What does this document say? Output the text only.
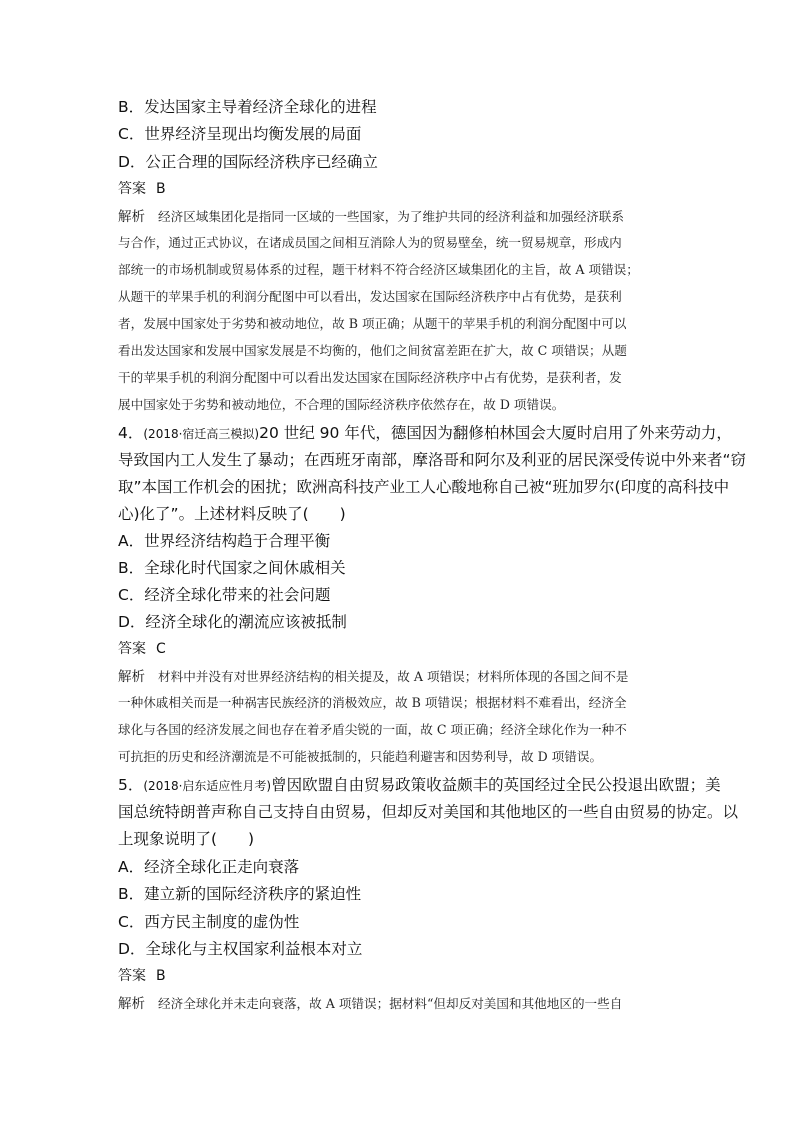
B．发达国家主导着经济全球化的进程
C．世界经济呈现出均衡发展的局面
D．公正合理的国际经济秩序已经确立
答案 B
解析 经济区域集团化是指同一区域的一些国家，为了维护共同的经济利益和加强经济联系
与合作，通过正式协议，在诸成员国之间相互消除人为的贸易壁垒，统一贸易规章，形成内
部统一的市场机制或贸易体系的过程，题干材料不符合经济区域集团化的主旨，故 A 项错误；
从题干的苹果手机的利润分配图中可以看出，发达国家在国际经济秩序中占有优势，是获利
者，发展中国家处于劣势和被动地位，故 B 项正确；从题干的苹果手机的利润分配图中可以
看出发达国家和发展中国家发展是不均衡的，他们之间贫富差距在扩大，故 C 项错误；从题
干的苹果手机的利润分配图中可以看出发达国家在国际经济秩序中占有优势，是获利者，发
展中国家处于劣势和被动地位，不合理的国际经济秩序依然存在，故 D 项错误。
4．(2018·宿迁高三模拟)20 世纪 90 年代，德国因为翻修柏林国会大厦时启用了外来劳动力，
导致国内工人发生了暴动；在西班牙南部，摩洛哥和阿尔及利亚的居民深受传说中外来者“窃
取”本国工作机会的困扰；欧洲高科技产业工人心酸地称自己被“班加罗尔(印度的高科技中
心)化了”。上述材料反映了(　　)
A．世界经济结构趋于合理平衡
B．全球化时代国家之间休戚相关
C．经济全球化带来的社会问题
D．经济全球化的潮流应该被抵制
答案 C
解析 材料中并没有对世界经济结构的相关提及，故 A 项错误；材料所体现的各国之间不是
一种休戚相关而是一种祸害民族经济的消极效应，故 B 项错误；根据材料不难看出，经济全
球化与各国的经济发展之间也存在着矛盾尖锐的一面，故 C 项正确；经济全球化作为一种不
可抗拒的历史和经济潮流是不可能被抵制的，只能趋利避害和因势利导，故 D 项错误。
5．(2018·启东适应性月考)曾因欧盟自由贸易政策收益颇丰的英国经过全民公投退出欧盟；美
国总统特朗普声称自己支持自由贸易，但却反对美国和其他地区的一些自由贸易的协定。以
上现象说明了(　　)
A．经济全球化正走向衰落
B．建立新的国际经济秩序的紧迫性
C．西方民主制度的虚伪性
D．全球化与主权国家利益根本对立
答案 B
解析 经济全球化并未走向衰落，故 A 项错误；据材料“但却反对美国和其他地区的一些自
